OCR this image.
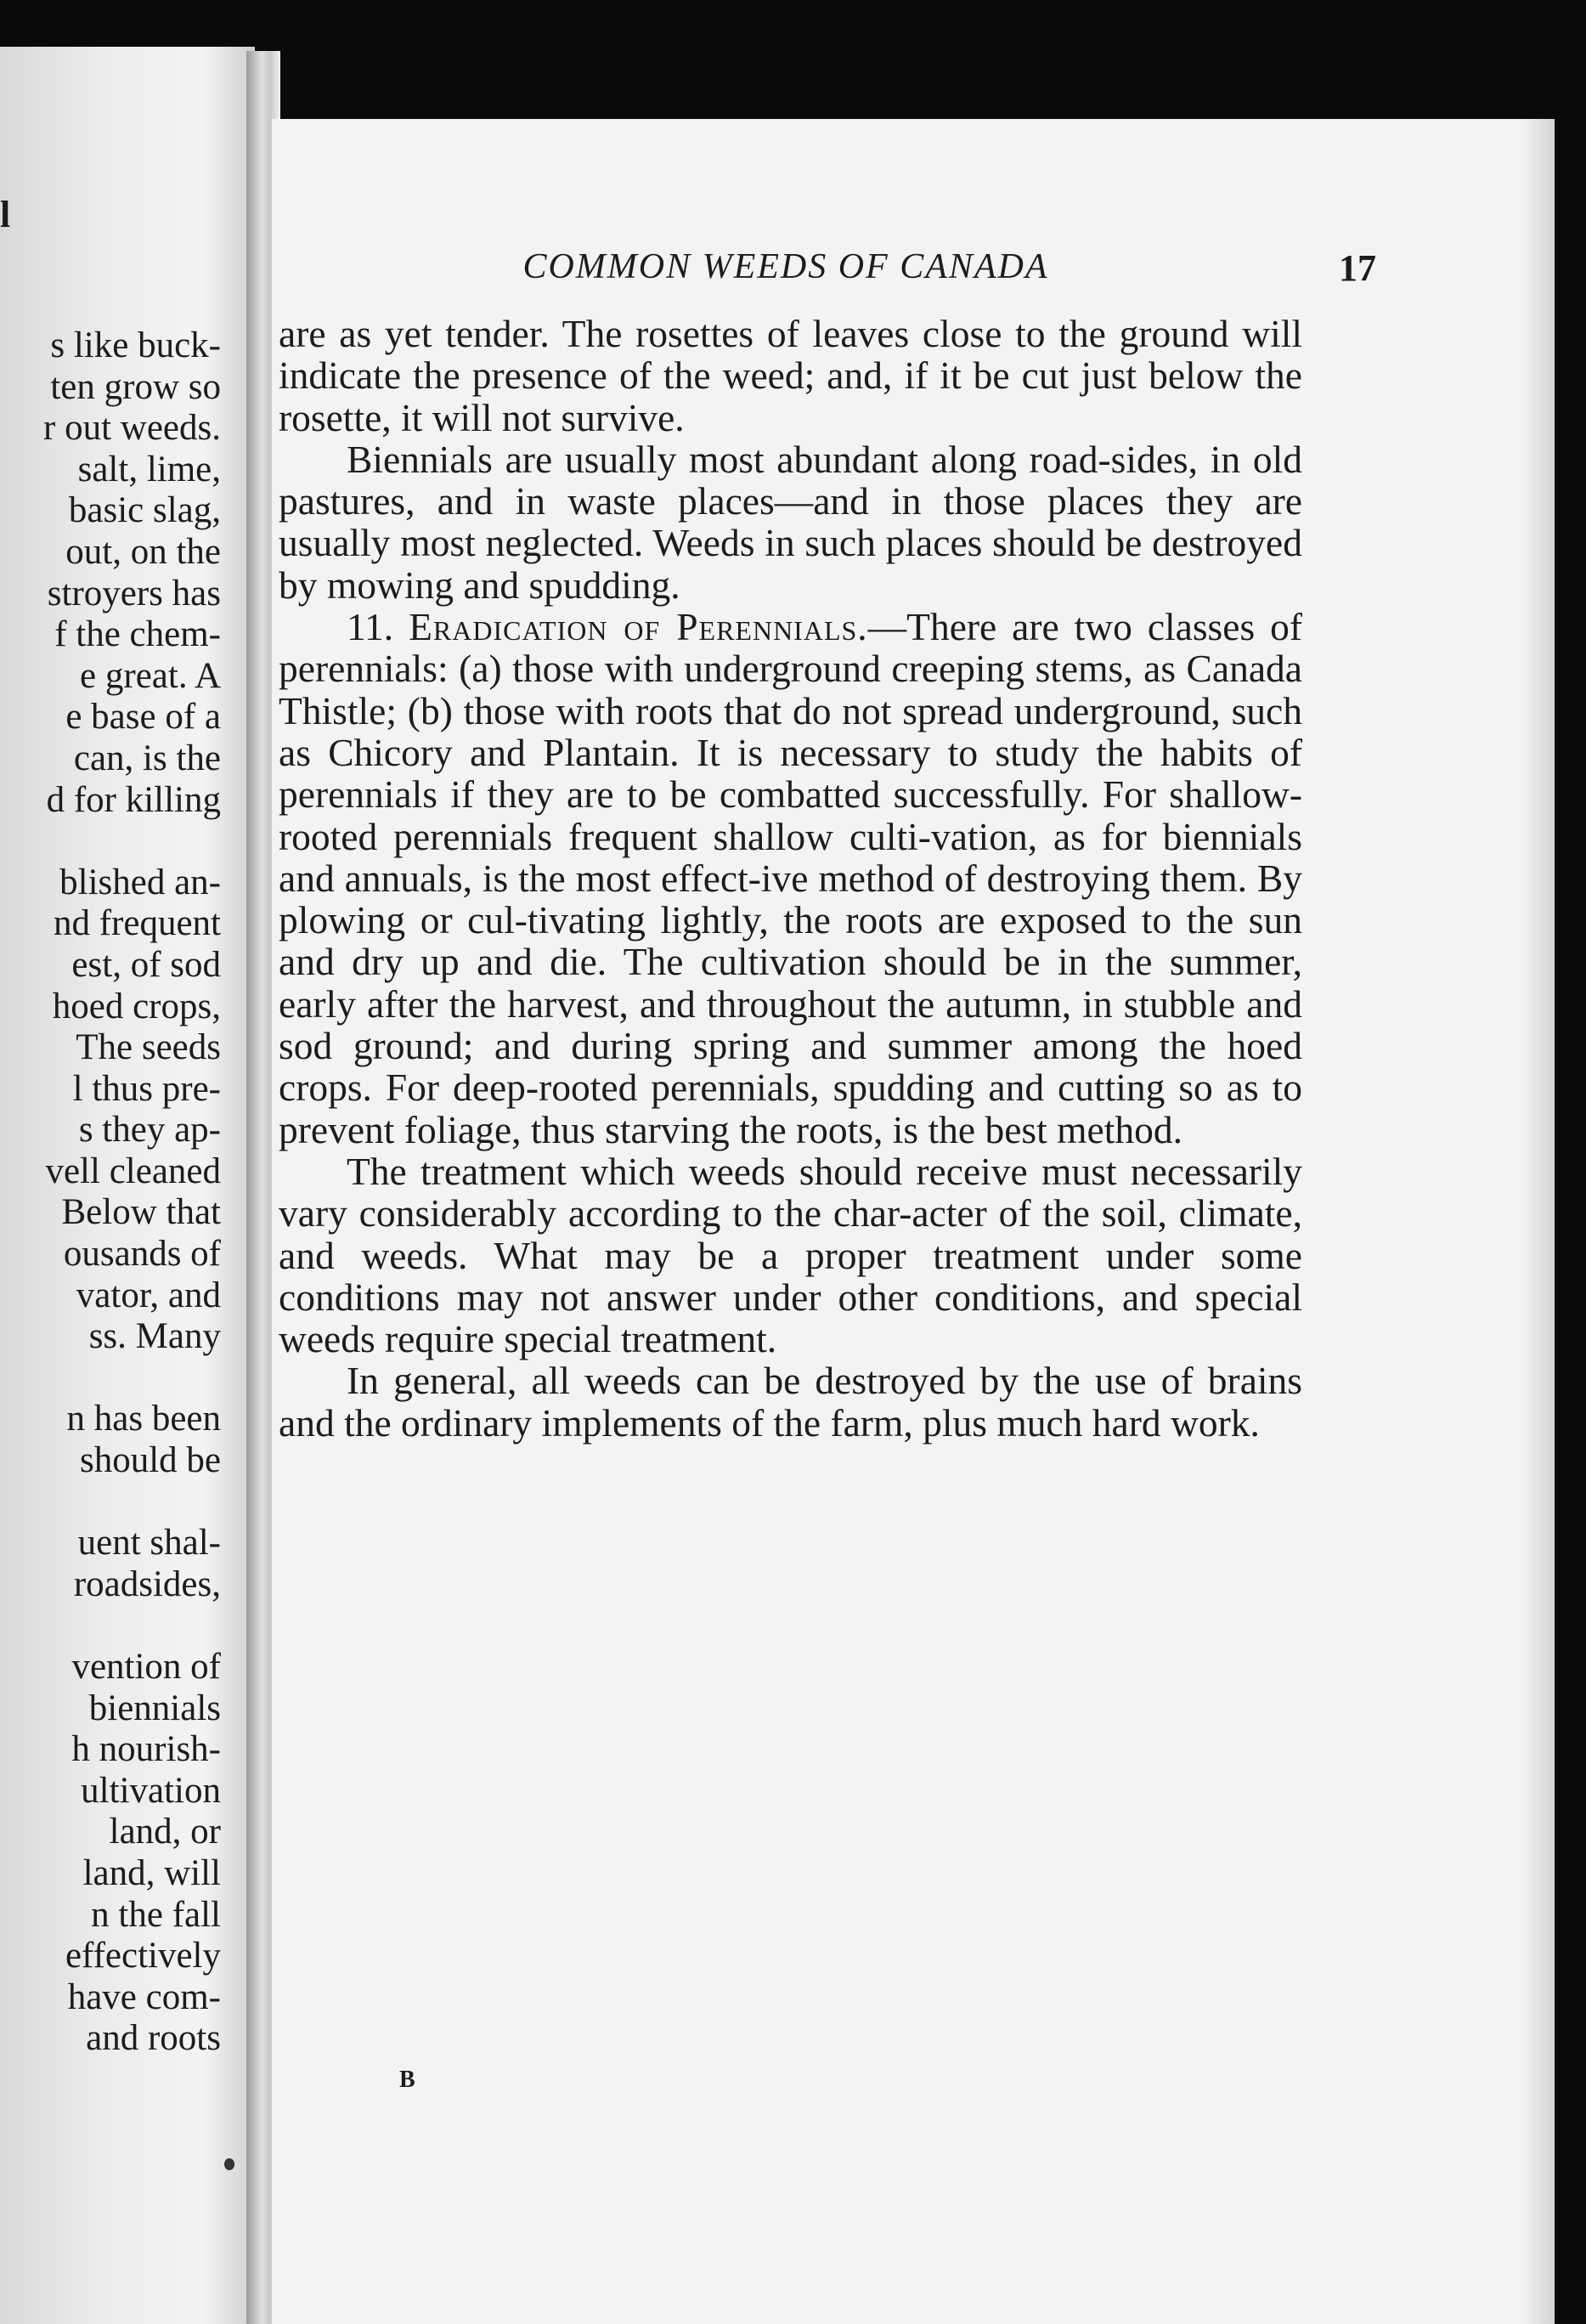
l
s like buck-
ten grow so
r out weeds.
salt, lime,
basic slag,
out, on the
stroyers has
f the chem-
e great. A
e base of a
can, is the
d for killing
blished an-
nd frequent
est, of sod
hoed crops,
The seeds
l thus pre-
s they ap-
vell cleaned
Below that
ousands of
vator, and
ss. Many
n has been
should be
uent shal-
roadsides,
vention of
biennials
h nourish-
ultivation
land, or
land, will
n the fall
effectively
have com-
and roots
COMMON WEEDS OF CANADA	17

are as yet tender. The rosettes of leaves close to the ground will indicate the presence of the weed; and, if it be cut just below the rosette, it will not survive.

Biennials are usually most abundant along road-sides, in old pastures, and in waste places—and in those places they are usually most neglected. Weeds in such places should be destroyed by mowing and spudding.

11. Eradication of Perennials.—There are two classes of perennials: (a) those with underground creeping stems, as Canada Thistle; (b) those with roots that do not spread underground, such as Chicory and Plantain. It is necessary to study the habits of perennials if they are to be combatted successfully. For shallow-rooted perennials frequent shallow culti-vation, as for biennials and annuals, is the most effect-ive method of destroying them. By plowing or cul-tivating lightly, the roots are exposed to the sun and dry up and die. The cultivation should be in the summer, early after the harvest, and throughout the autumn, in stubble and sod ground; and during spring and summer among the hoed crops. For deep-rooted perennials, spudding and cutting so as to prevent foliage, thus starving the roots, is the best method.

The treatment which weeds should receive must necessarily vary considerably according to the char-acter of the soil, climate, and weeds. What may be a proper treatment under some conditions may not answer under other conditions, and special weeds require special treatment.

In general, all weeds can be destroyed by the use of brains and the ordinary implements of the farm, plus much hard work.

B
